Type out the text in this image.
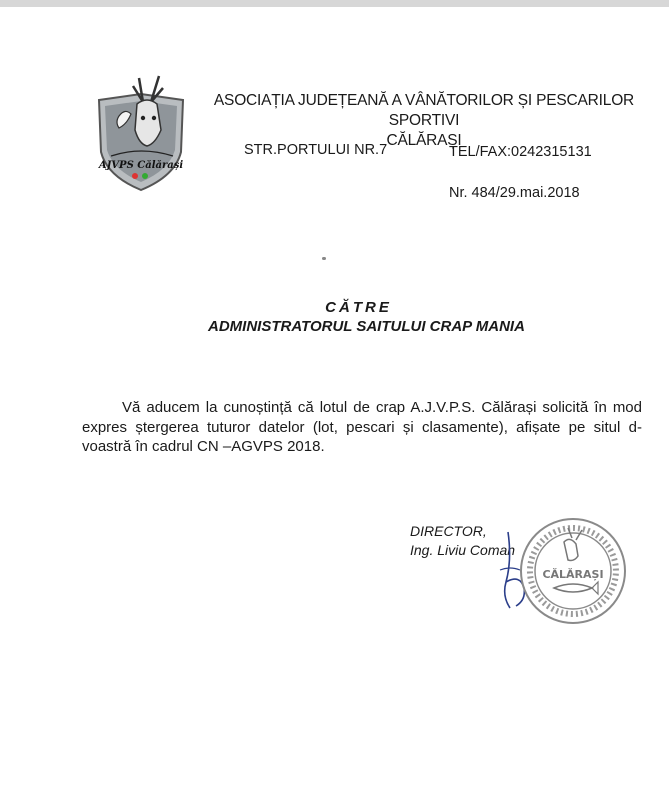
AJVPS Călărași
ASOCIAȚIA JUDEȚEANĂ A VÂNĂTORILOR ȘI PESCARILOR SPORTIVI
CĂLĂRAȘI
STR.PORTULUI NR.7	TEL/FAX:0242315131
Nr. 484/29.mai.2018
CĂTRE
ADMINISTRATORUL SAITULUI CRAP MANIA
Vă aducem la cunoștință că lotul de crap A.J.V.P.S. Călărași solicită în mod expres ștergerea tuturor datelor (lot, pescari și clasamente), afișate pe situl d-voastră în cadrul CN –AGVPS 2018.
DIRECTOR,
Ing. Liviu Coman
CĂLĂRAȘI
